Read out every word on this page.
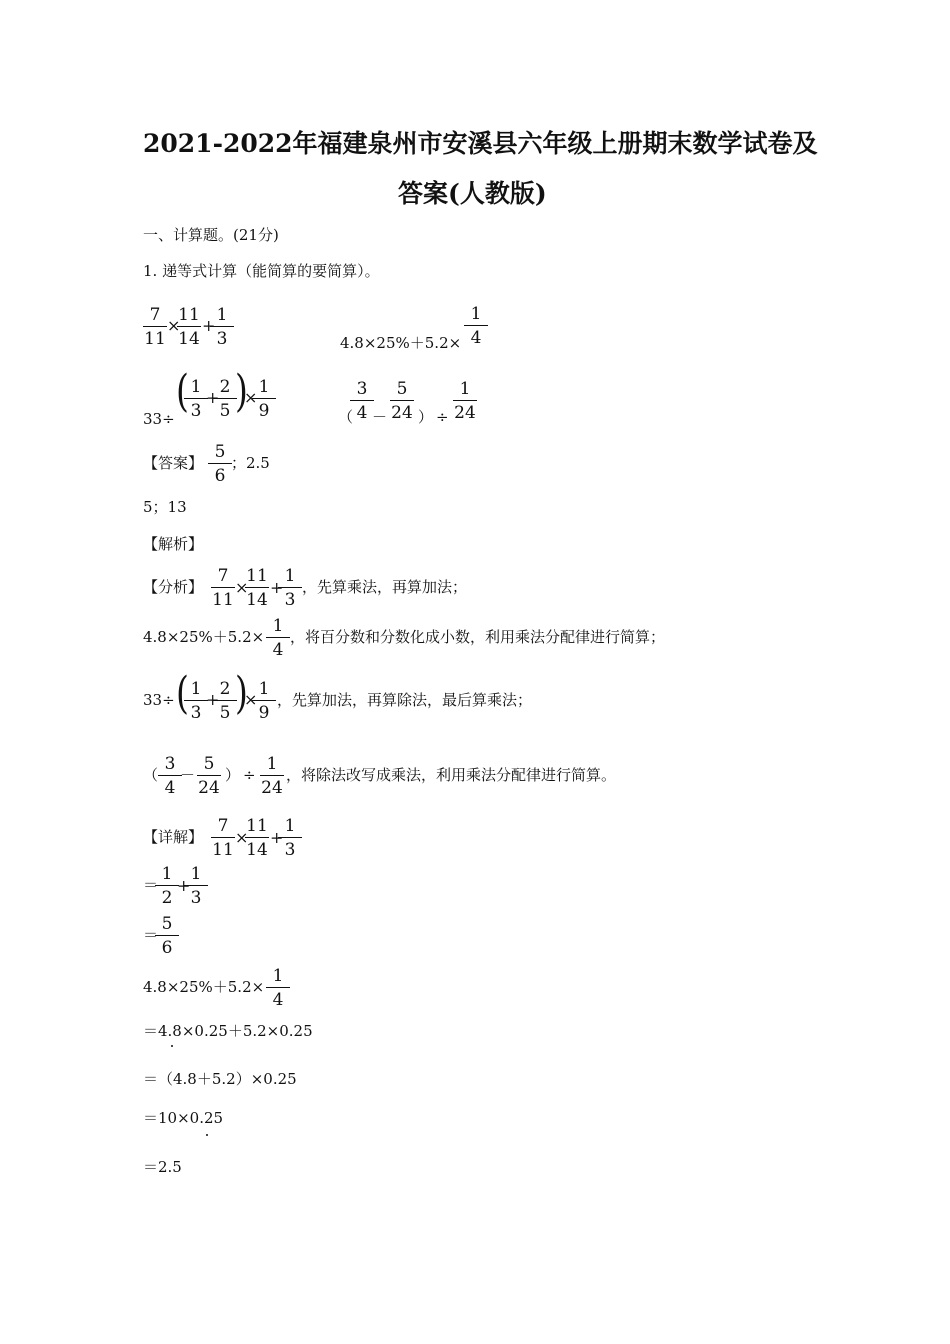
2021-2022年福建泉州市安溪县六年级上册期末数学试卷及
答案(人教版)
一、计算题。(21分)
1. 递等式计算（能简算的要简算）。
7
11
×
11
14
+
1
3	4.8×25%＋5.2×
1
4
33÷
( 1
3
+
2
5 )
×
1
9	（
3
4 －
5
24 ） ÷
1
24
【答案】
5
6
；2.5
5；13
【解析】
【分析】
7
11
×
11
14
+
1
3
，先算乘法，再算加法；
4.8×25%＋5.2×
1
4
，将百分数和分数化成小数，利用乘法分配律进行简算；
33÷ ( 1
3
+
2
5 )
×
1
9
，先算加法，再算除法，最后算乘法；
（
3
4
－
5
24
） ÷
1
24
，将除法改写成乘法，利用乘法分配律进行简算。
【详解】
7
11
×
11
14
+
1
3
＝
1
2
+
1
3
＝
5
6
4.8×25%＋5.2×
1
4
＝4.8×0.25＋5.2×0.25
＝（4.8＋5.2）×0.25
＝10×0.25
＝2.5
